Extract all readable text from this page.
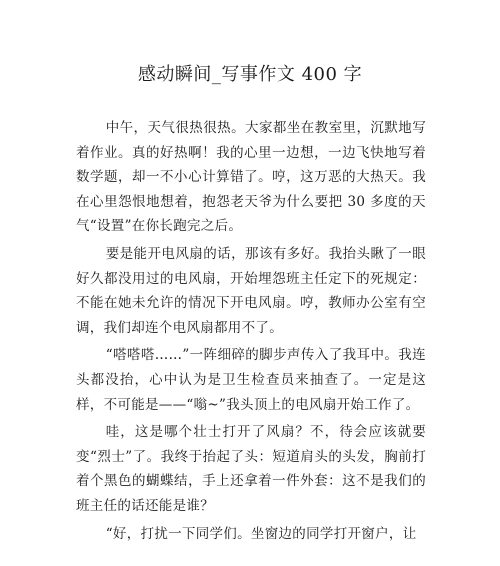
感动瞬间_写事作文 400 字

中午，天气很热很热。大家都坐在教室里，沉默地写着作业。真的好热啊！我的心里一边想，一边飞快地写着数学题，却一不小心计算错了。哼，这万恶的大热天。我在心里怨恨地想着，抱怨老天爷为什么要把 30 多度的天气“设置”在你长跑完之后。

要是能开电风扇的话，那该有多好。我抬头瞅了一眼好久都没用过的电风扇，开始埋怨班主任定下的死规定：不能在她未允许的情况下开电风扇。哼，教师办公室有空调，我们却连个电风扇都用不了。

“嗒嗒嗒……”一阵细碎的脚步声传入了我耳中。我连头都没抬，心中认为是卫生检查员来抽查了。一定是这样，不可能是——“嗡~”我头顶上的电风扇开始工作了。

哇，这是哪个壮士打开了风扇？不，待会应该就要变“烈士”了。我终于抬起了头：短道肩头的头发，胸前打着个黑色的蝴蝶结，手上还拿着一件外套：这不是我们的班主任的话还能是谁？

“好，打扰一下同学们。坐窗边的同学打开窗户，让
